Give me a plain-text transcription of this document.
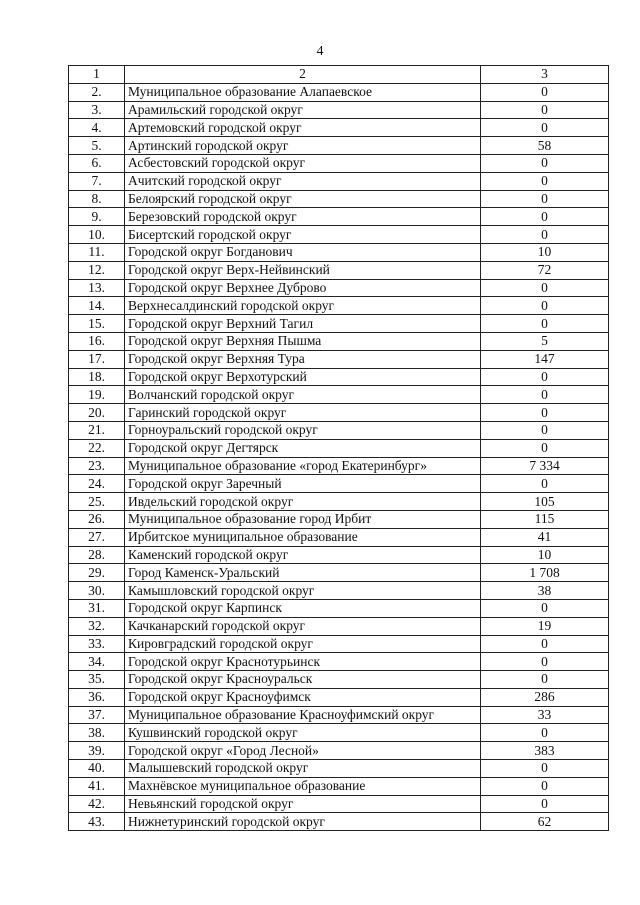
4
1	2	3
2.	Муниципальное образование Алапаевское	0
3.	Арамильский городской округ	0
4.	Артемовский городской округ	0
5.	Артинский городской округ	58
6.	Асбестовский городской округ	0
7.	Ачитский городской округ	0
8.	Белоярский городской округ	0
9.	Березовский городской округ	0
10.	Бисертский городской округ	0
11.	Городской округ Богданович	10
12.	Городской округ Верх-Нейвинский	72
13.	Городской округ Верхнее Дуброво	0
14.	Верхнесалдинский городской округ	0
15.	Городской округ Верхний Тагил	0
16.	Городской округ Верхняя Пышма	5
17.	Городской округ Верхняя Тура	147
18.	Городской округ Верхотурский	0
19.	Волчанский городской округ	0
20.	Гаринский городской округ	0
21.	Горноуральский городской округ	0
22.	Городской округ Дегтярск	0
23.	Муниципальное образование «город Екатеринбург»	7 334
24.	Городской округ Заречный	0
25.	Ивдельский городской округ	105
26.	Муниципальное образование город Ирбит	115
27.	Ирбитское муниципальное образование	41
28.	Каменский городской округ	10
29.	Город Каменск-Уральский	1 708
30.	Камышловский городской округ	38
31.	Городской округ Карпинск	0
32.	Качканарский городской округ	19
33.	Кировградский городской округ	0
34.	Городской округ Краснотурьинск	0
35.	Городской округ Красноуральск	0
36.	Городской округ Красноуфимск	286
37.	Муниципальное образование Красноуфимский округ	33
38.	Кушвинский городской округ	0
39.	Городской округ «Город Лесной»	383
40.	Малышевский городской округ	0
41.	Махнёвское муниципальное образование	0
42.	Невьянский городской округ	0
43.	Нижнетуринский городской округ	62
